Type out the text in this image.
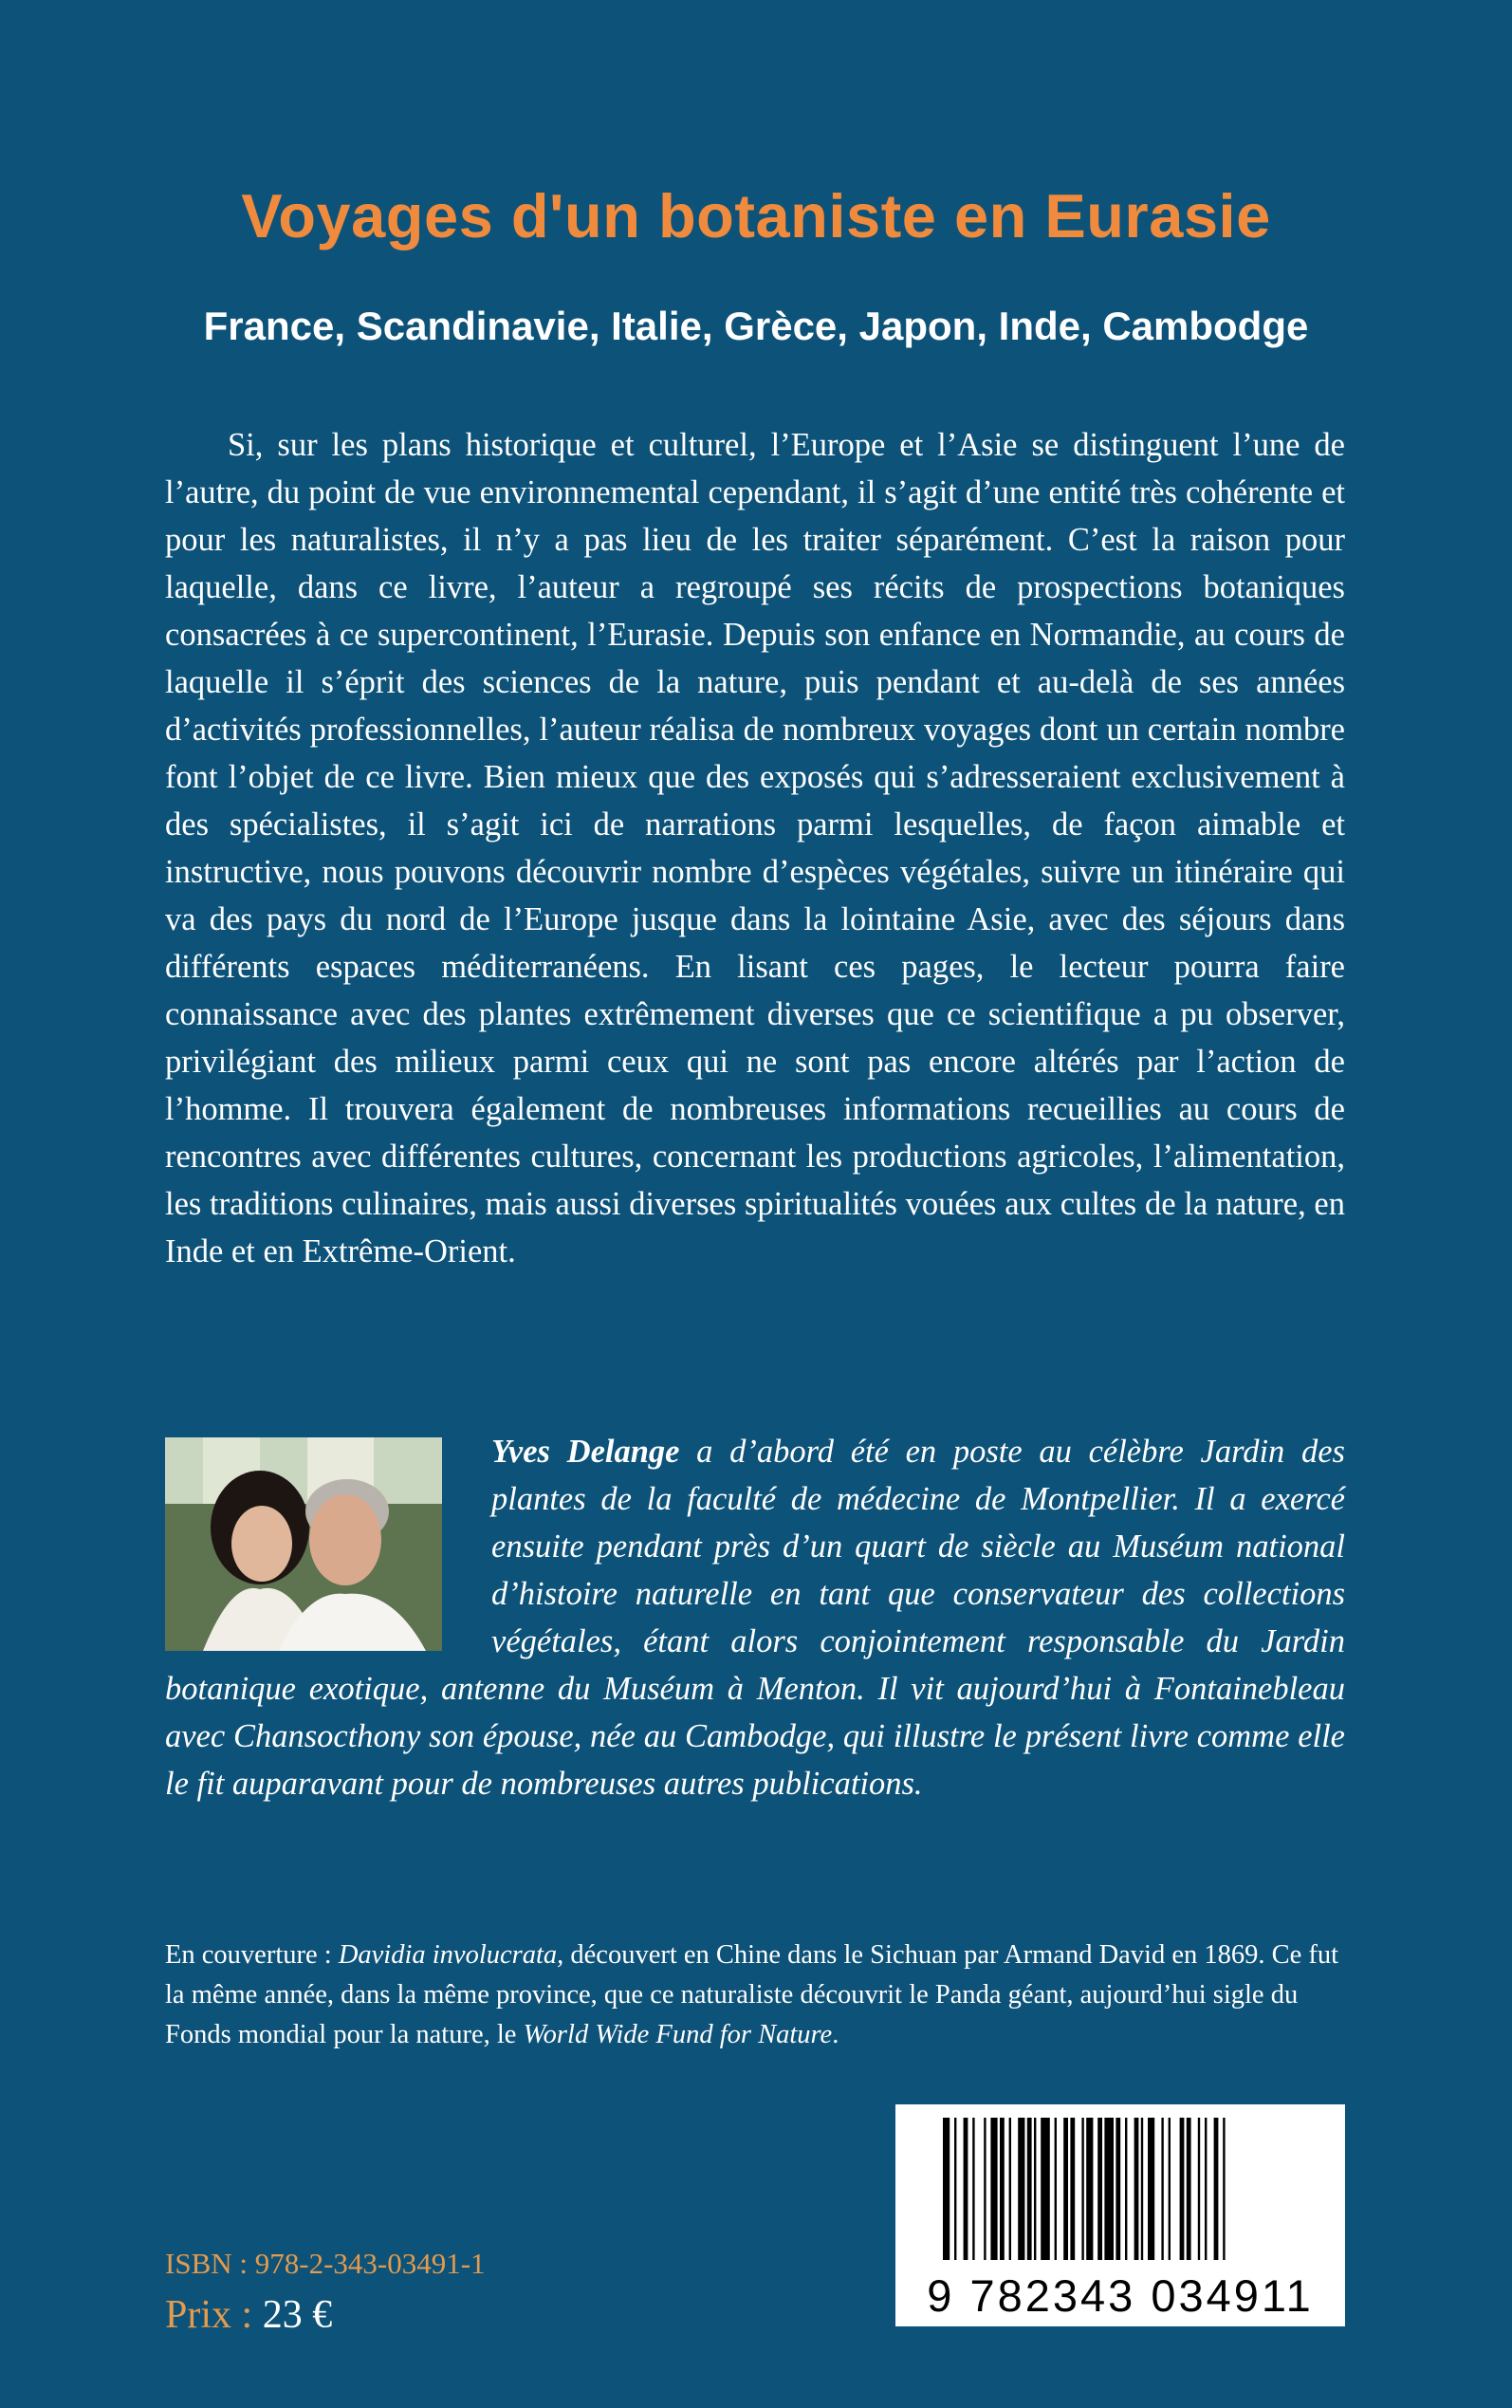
Voyages d'un botaniste en Eurasie
France, Scandinavie, Italie, Grèce, Japon, Inde, Cambodge

Si, sur les plans historique et culturel, l’Europe et l’Asie se distinguent l’une de l’autre, du point de vue environnemental cependant, il s’agit d’une entité très cohérente et pour les naturalistes, il n’y a pas lieu de les traiter séparément. C’est la raison pour laquelle, dans ce livre, l’auteur a regroupé ses récits de prospections botaniques consacrées à ce supercontinent, l’Eurasie. Depuis son enfance en Normandie, au cours de laquelle il s’éprit des sciences de la nature, puis pendant et au-delà de ses années d’activités professionnelles, l’auteur réalisa de nombreux voyages dont un certain nombre font l’objet de ce livre. Bien mieux que des exposés qui s’adresseraient exclusivement à des spécialistes, il s’agit ici de narrations parmi lesquelles, de façon aimable et instructive, nous pouvons découvrir nombre d’espèces végétales, suivre un itinéraire qui va des pays du nord de l’Europe jusque dans la lointaine Asie, avec des séjours dans différents espaces méditerranéens. En lisant ces pages, le lecteur pourra faire connaissance avec des plantes extrêmement diverses que ce scientifique a pu observer, privilégiant des milieux parmi ceux qui ne sont pas encore altérés par l’action de l’homme. Il trouvera également de nombreuses informations recueillies au cours de rencontres avec différentes cultures, concernant les productions agricoles, l’alimentation, les traditions culinaires, mais aussi diverses spiritualités vouées aux cultes de la nature, en Inde et en Extrême-Orient.

Yves Delange a d’abord été en poste au célèbre Jardin des plantes de la faculté de médecine de Montpellier. Il a exercé ensuite pendant près d’un quart de siècle au Muséum national d’histoire naturelle en tant que conservateur des collections végétales, étant alors conjointement responsable du Jardin botanique exotique, antenne du Muséum à Menton. Il vit aujourd’hui à Fontainebleau avec Chansocthony son épouse, née au Cambodge, qui illustre le présent livre comme elle le fit auparavant pour de nombreuses autres publications.

En couverture : Davidia involucrata, découvert en Chine dans le Sichuan par Armand David en 1869. Ce fut la même année, dans la même province, que ce naturaliste découvrit le Panda géant, aujourd’hui sigle du Fonds mondial pour la nature, le World Wide Fund for Nature.

9 782343 034911
ISBN : 978-2-343-03491-1
Prix : 23 €
